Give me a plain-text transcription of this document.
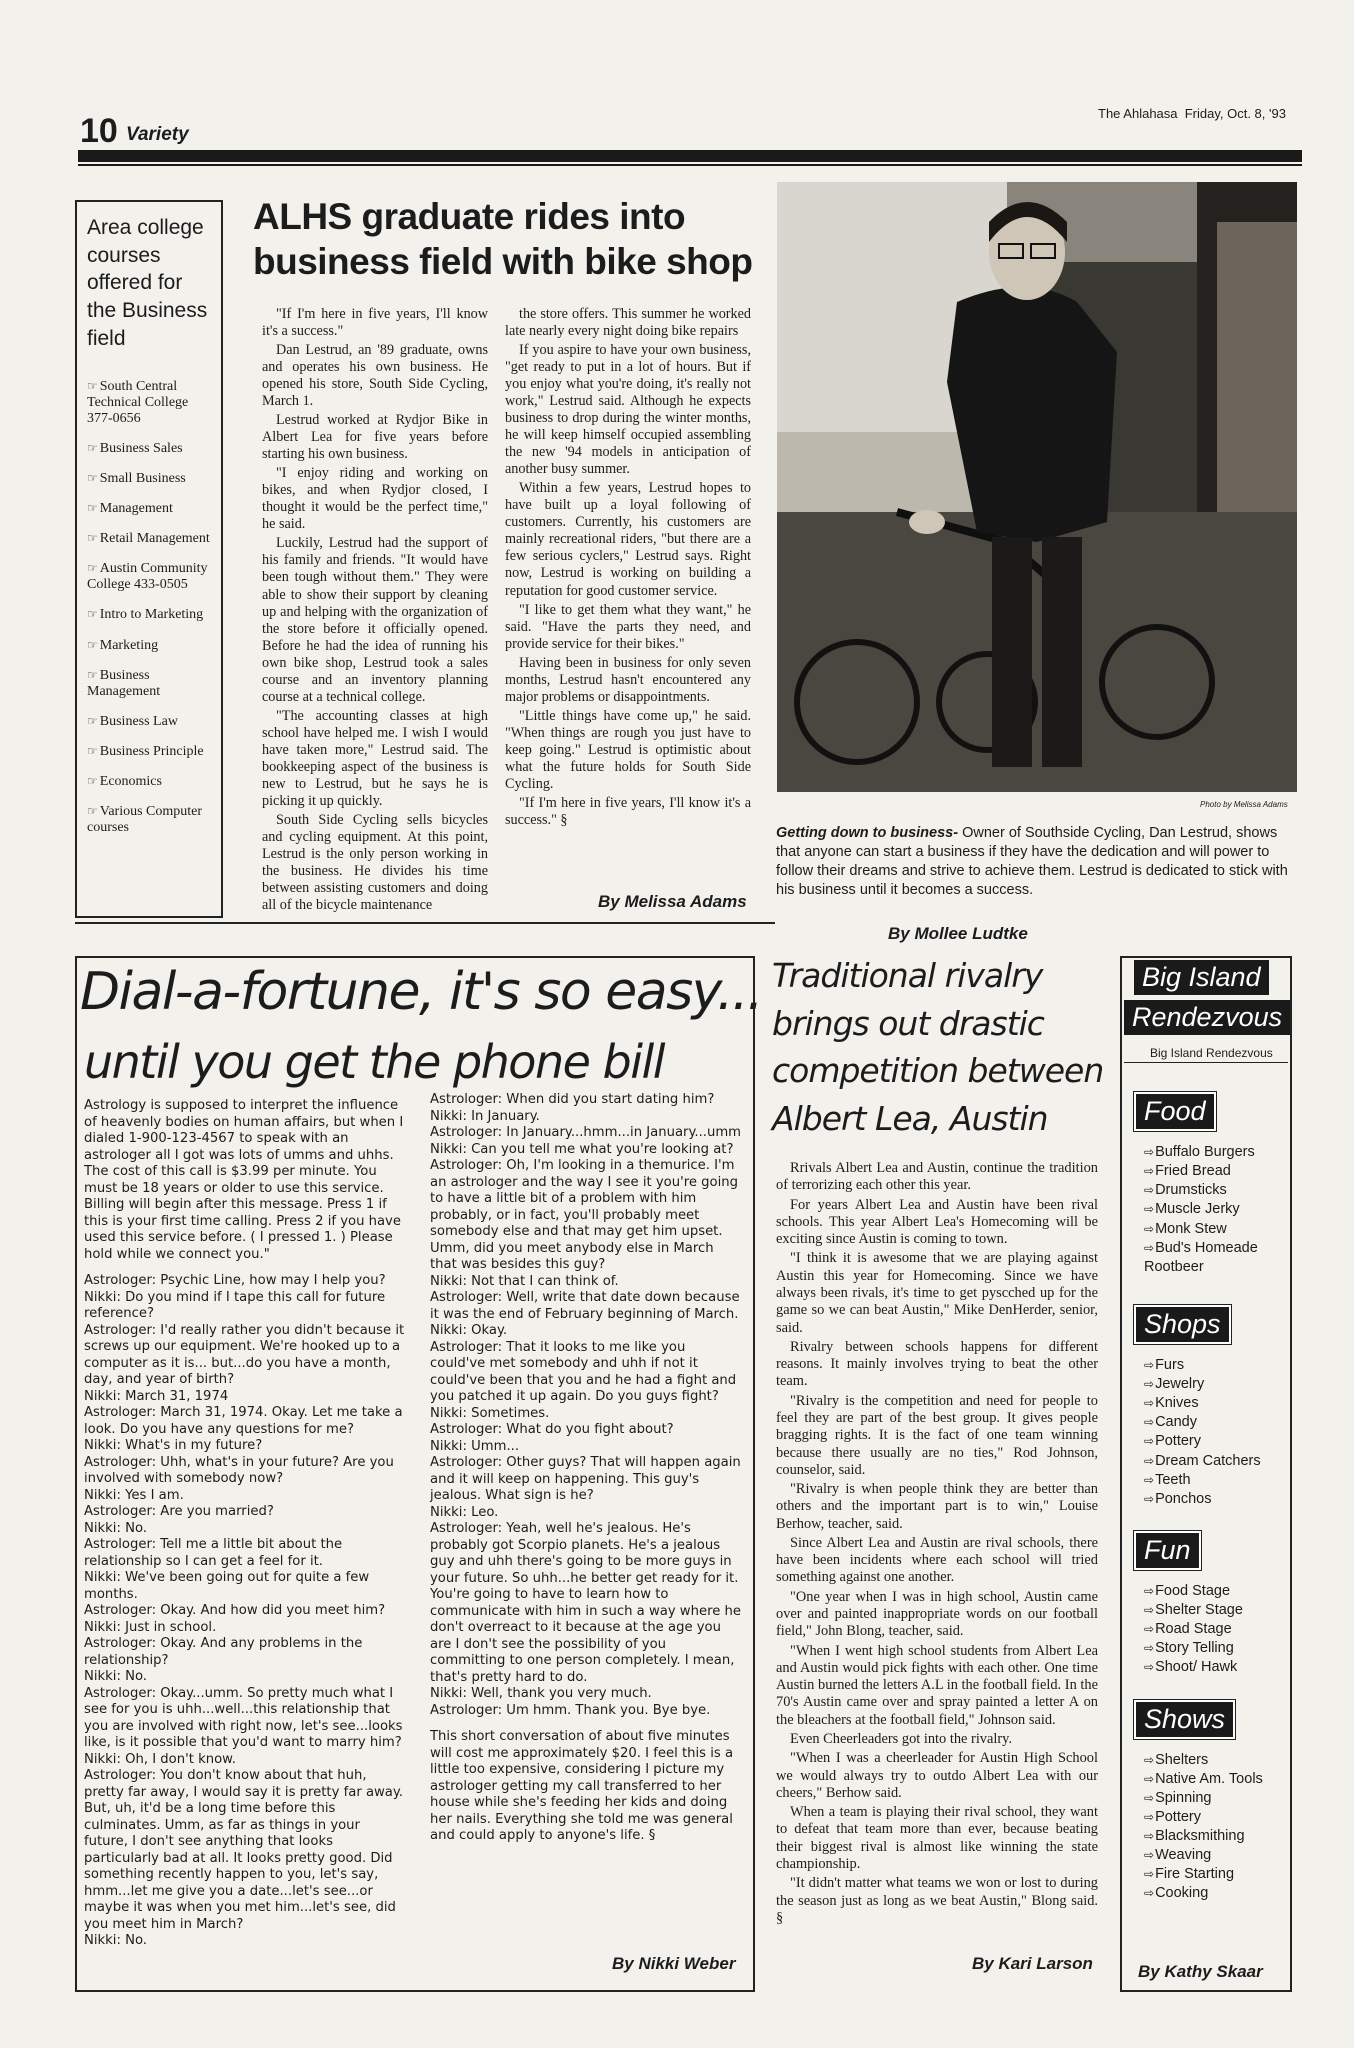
10 Variety
The Ahlahasa  Friday, Oct. 8, '93
Area college courses offered for the Business field
☞ South Central Technical College 377-0656
☞ Business Sales
☞ Small Business
☞ Management
☞ Retail Management
☞ Austin Community College 433-0505
☞ Intro to Marketing
☞ Marketing
☞ Business Management
☞ Business Law
☞ Business Principle
☞ Economics
☞ Various Computer courses
ALHS graduate rides into business field with bike shop

"If I'm here in five years, I'll know it's a success."

Dan Lestrud, an '89 graduate, owns and operates his own business. He opened his store, South Side Cycling, March 1.

Lestrud worked at Rydjor Bike in Albert Lea for five years before starting his own business.

"I enjoy riding and working on bikes, and when Rydjor closed, I thought it would be the perfect time," he said.

Luckily, Lestrud had the support of his family and friends. "It would have been tough without them." They were able to show their support by cleaning up and helping with the organization of the store before it officially opened. Before he had the idea of running his own bike shop, Lestrud took a sales course and an inventory planning course at a technical college.

"The accounting classes at high school have helped me. I wish I would have taken more," Lestrud said. The bookkeeping aspect of the business is new to Lestrud, but he says he is picking it up quickly.

South Side Cycling sells bicycles and cycling equipment. At this point, Lestrud is the only person working in the business. He divides his time between assisting customers and doing all of the bicycle maintenance

the store offers. This summer he worked late nearly every night doing bike repairs

If you aspire to have your own business, "get ready to put in a lot of hours. But if you enjoy what you're doing, it's really not work," Lestrud said. Although he expects business to drop during the winter months, he will keep himself occupied assembling the new '94 models in anticipation of another busy summer.

Within a few years, Lestrud hopes to have built up a loyal following of customers. Currently, his customers are mainly recreational riders, "but there are a few serious cyclers," Lestrud says. Right now, Lestrud is working on building a reputation for good customer service.

"I like to get them what they want," he said. "Have the parts they need, and provide service for their bikes."

Having been in business for only seven months, Lestrud hasn't encountered any major problems or disappointments.

"Little things have come up," he said. "When things are rough you just have to keep going." Lestrud is optimistic about what the future holds for South Side Cycling.

"If I'm here in five years, I'll know it's a success." §

By Melissa Adams
Photo by Melissa Adams
Getting down to business- Owner of Southside Cycling, Dan Lestrud, shows that anyone can start a business if they have the dedication and will power to follow their dreams and strive to achieve them. Lestrud is dedicated to stick with his business until it becomes a success.
Dial-a-fortune, it's so easy...
until you get the phone bill

Astrology is supposed to interpret the influence of heavenly bodies on human affairs, but when I dialed 1-900-123-4567 to speak with an astrologer all I got was lots of umms and uhhs. The cost of this call is $3.99 per minute. You must be 18 years or older to use this service. Billing will begin after this message. Press 1 if this is your first time calling. Press 2 if you have used this service before. ( I pressed 1. ) Please hold while we connect you."

Astrologer: Psychic Line, how may I help you?

Nikki: Do you mind if I tape this call for future reference?

Astrologer: I'd really rather you didn't because it screws up our equipment. We're hooked up to a computer as it is... but...do you have a month, day, and year of birth?

Nikki: March 31, 1974

Astrologer: March 31, 1974. Okay. Let me take a look. Do you have any questions for me?

Nikki: What's in my future?

Astrologer: Uhh, what's in your future? Are you involved with somebody now?

Nikki: Yes I am.

Astrologer: Are you married?

Nikki: No.

Astrologer: Tell me a little bit about the relationship so I can get a feel for it.

Nikki: We've been going out for quite a few months.

Astrologer: Okay. And how did you meet him?

Nikki: Just in school.

Astrologer: Okay. And any problems in the relationship?

Nikki: No.

Astrologer: Okay...umm. So pretty much what I see for you is uhh...well...this relationship that you are involved with right now, let's see...looks like, is it possible that you'd want to marry him?

Nikki: Oh, I don't know.

Astrologer: You don't know about that huh, pretty far away, I would say it is pretty far away. But, uh, it'd be a long time before this culminates. Umm, as far as things in your future, I don't see anything that looks particularly bad at all. It looks pretty good. Did something recently happen to you, let's say, hmm...let me give you a date...let's see...or maybe it was when you met him...let's see, did you meet him in March?

Nikki: No.

Astrologer: When did you start dating him?

Nikki: In January.

Astrologer: In January...hmm...in January...umm

Nikki: Can you tell me what you're looking at?

Astrologer: Oh, I'm looking in a themurice. I'm an astrologer and the way I see it you're going to have a little bit of a problem with him probably, or in fact, you'll probably meet somebody else and that may get him upset. Umm, did you meet anybody else in March that was besides this guy?

Nikki: Not that I can think of.

Astrologer: Well, write that date down because it was the end of February beginning of March.

Nikki: Okay.

Astrologer: That it looks to me like you could've met somebody and uhh if not it could've been that you and he had a fight and you patched it up again. Do you guys fight?

Nikki: Sometimes.

Astrologer: What do you fight about?

Nikki: Umm...

Astrologer: Other guys? That will happen again and it will keep on happening. This guy's jealous. What sign is he?

Nikki: Leo.

Astrologer: Yeah, well he's jealous. He's probably got Scorpio planets. He's a jealous guy and uhh there's going to be more guys in your future. So uhh...he better get ready for it. You're going to have to learn how to communicate with him in such a way where he don't overreact to it because at the age you are I don't see the possibility of you committing to one person completely. I mean, that's pretty hard to do.

Nikki: Well, thank you very much.

Astrologer: Um hmm. Thank you. Bye bye.

This short conversation of about five minutes will cost me approximately $20. I feel this is a little too expensive, considering I picture my astrologer getting my call transferred to her house while she's feeding her kids and doing her nails. Everything she told me was general and could apply to anyone's life. §

By Nikki Weber
By Mollee Ludtke
Traditional rivalry
brings out drastic
competition between
Albert Lea, Austin

Rrivals Albert Lea and Austin, continue the tradition of terrorizing each other this year.

For years Albert Lea and Austin have been rival schools. This year Albert Lea's Homecoming will be exciting since Austin is coming to town.

"I think it is awesome that we are playing against Austin this year for Homecoming. Since we have always been rivals, it's time to get pyscched up for the game so we can beat Austin," Mike DenHerder, senior, said.

Rivalry between schools happens for different reasons. It mainly involves trying to beat the other team.

"Rivalry is the competition and need for people to feel they are part of the best group. It gives people bragging rights. It is the fact of one team winning because there usually are no ties," Rod Johnson, counselor, said.

"Rivalry is when people think they are better than others and the important part is to win," Louise Berhow, teacher, said.

Since Albert Lea and Austin are rival schools, there have been incidents where each school will tried something against one another.

"One year when I was in high school, Austin came over and painted inappropriate words on our football field," John Blong, teacher, said.

"When I went high school students from Albert Lea and Austin would pick fights with each other. One time Austin burned the letters A.L in the football field. In the 70's Austin came over and spray painted a letter A on the bleachers at the football field," Johnson said.

Even Cheerleaders got into the rivalry.

"When I was a cheerleader for Austin High School we would always try to outdo Albert Lea with our cheers," Berhow said.

When a team is playing their rival school, they want to defeat that team more than ever, because beating their biggest rival is almost like winning the state championship.

"It didn't matter what teams we won or lost to during the season just as long as we beat Austin," Blong said. §

By Kari Larson
Big Island
Rendezvous
Big Island Rendezvous
Food
⇨Buffalo Burgers
⇨Fried Bread
⇨Drumsticks
⇨Muscle Jerky
⇨Monk Stew
⇨Bud's Homeade Rootbeer
Shops
⇨Furs
⇨Jewelry
⇨Knives
⇨Candy
⇨Pottery
⇨Dream Catchers
⇨Teeth
⇨Ponchos
Fun
⇨Food Stage
⇨Shelter Stage
⇨Road Stage
⇨Story Telling
⇨Shoot/ Hawk
Shows
⇨Shelters
⇨Native Am. Tools
⇨Spinning
⇨Pottery
⇨Blacksmithing
⇨Weaving
⇨Fire Starting
⇨Cooking
By Kathy Skaar
